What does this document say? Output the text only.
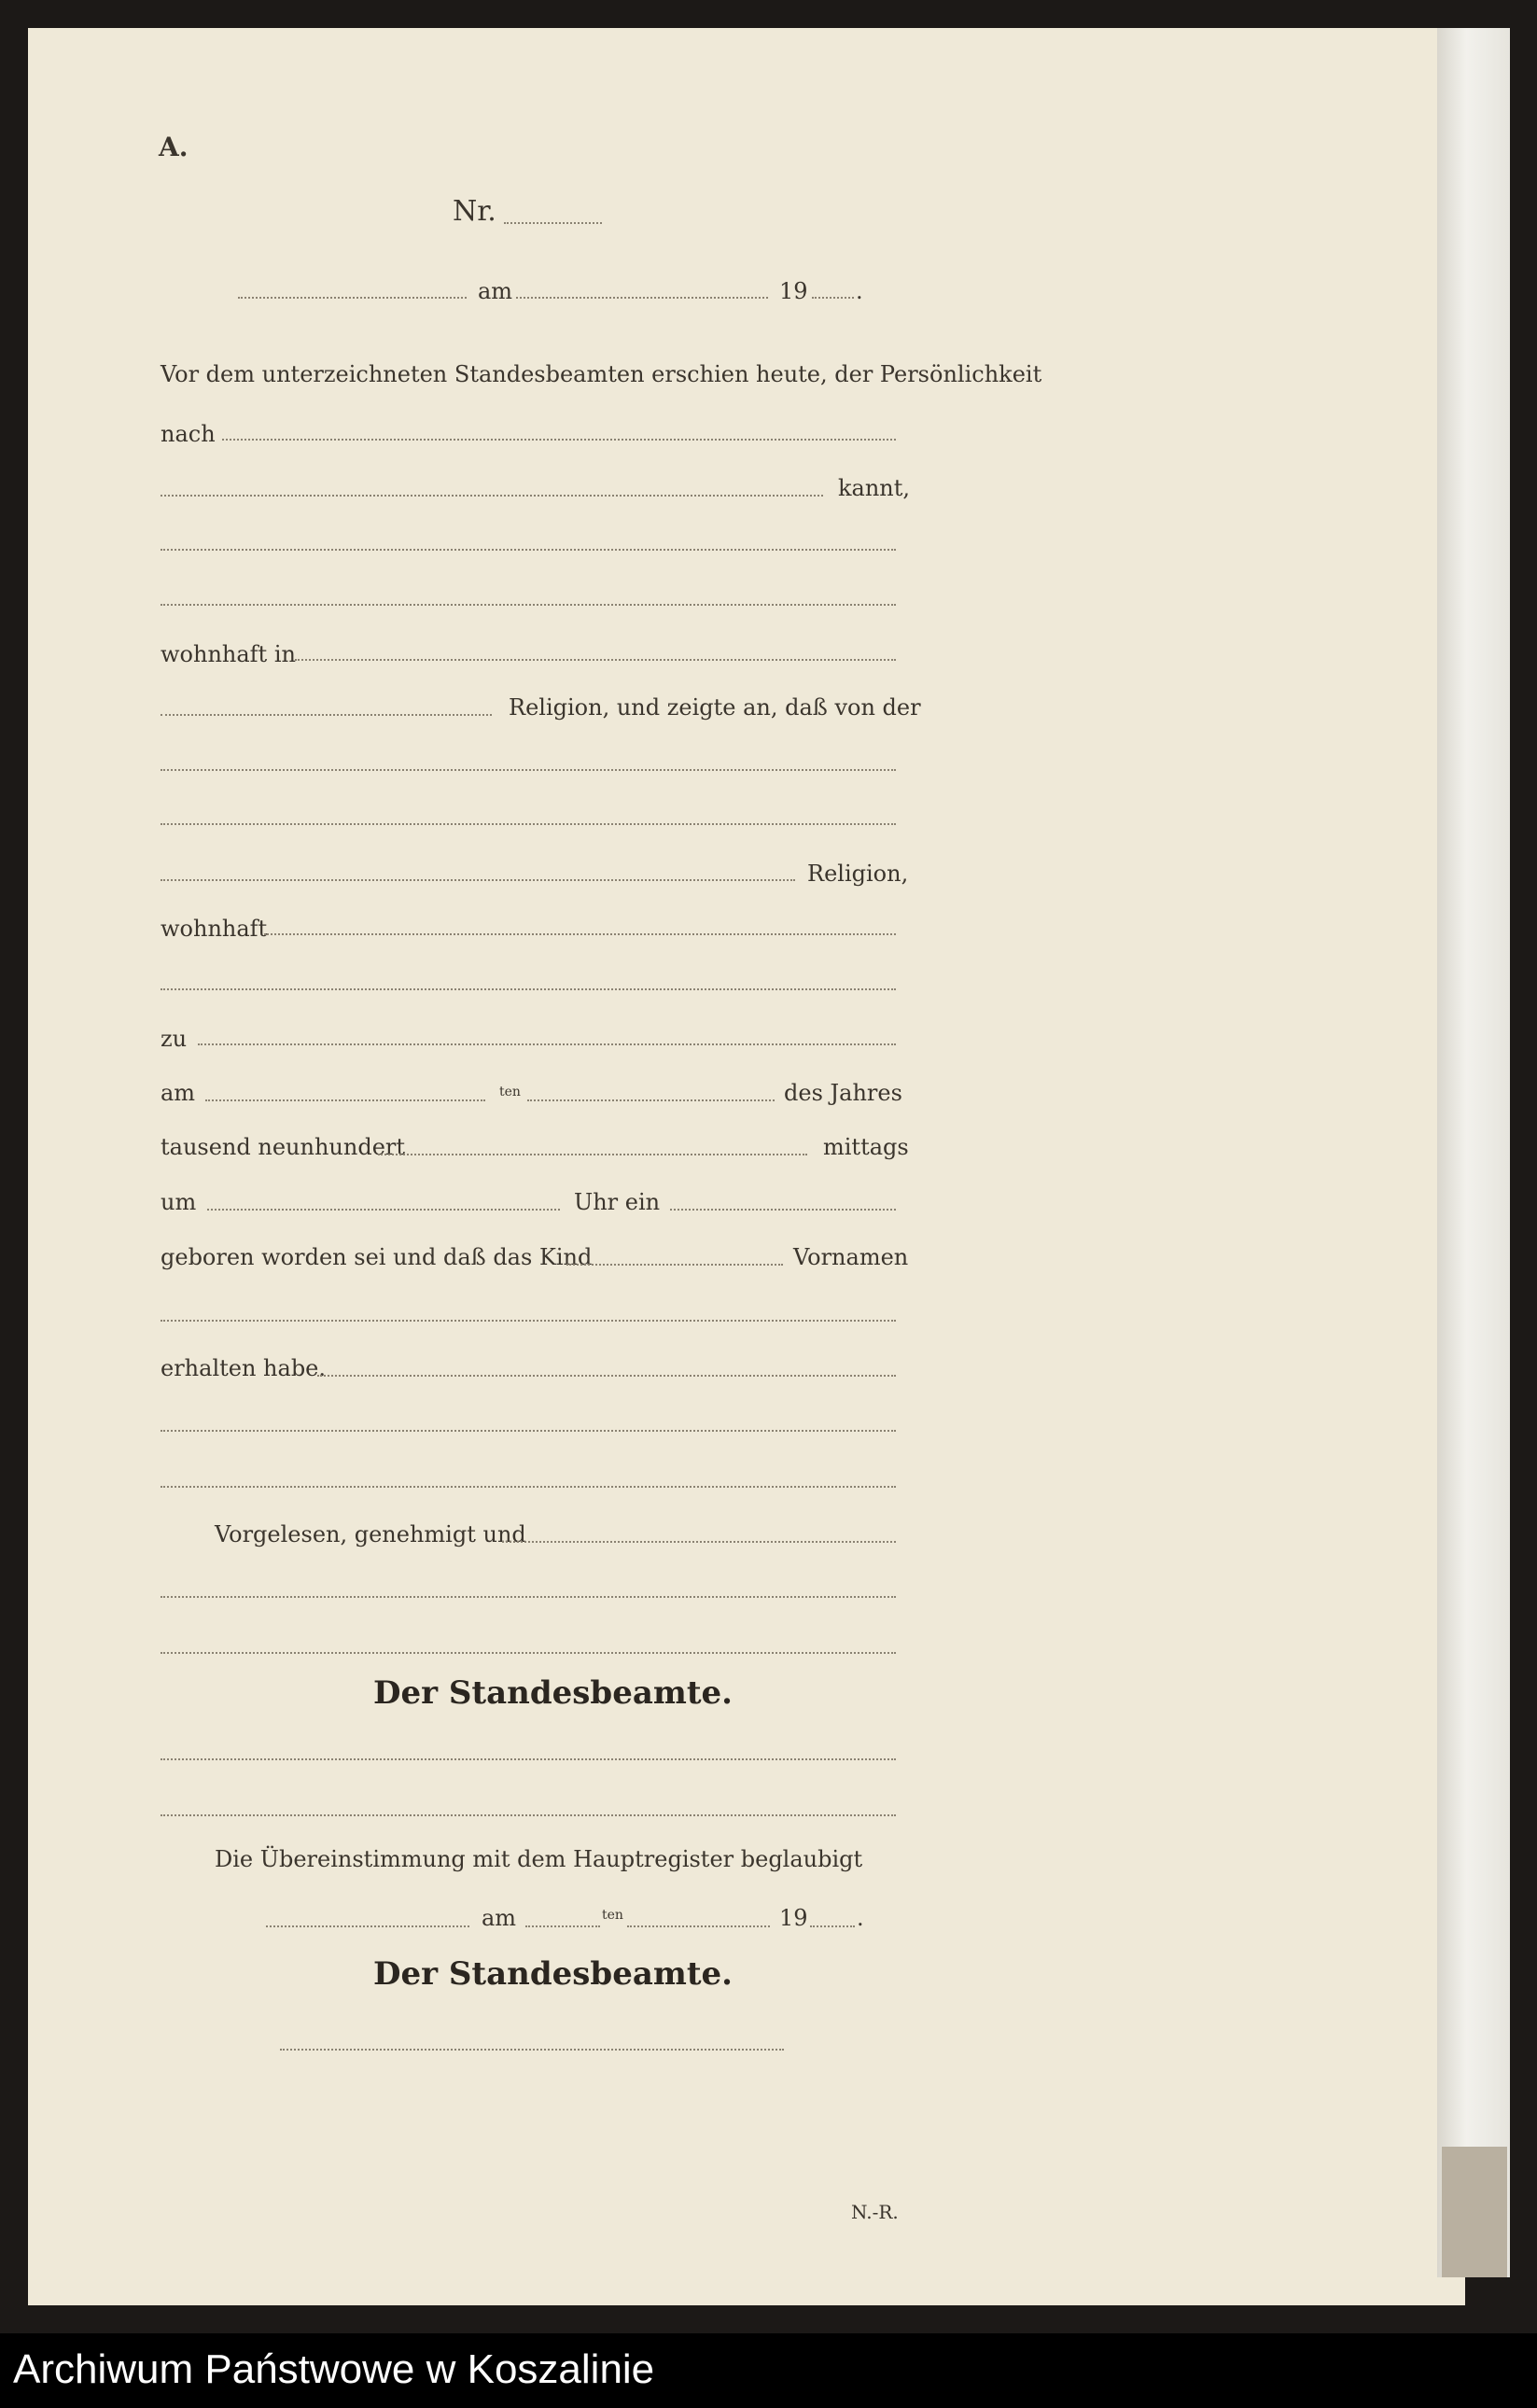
A.
Nr.
am	19 .
Vor dem unterzeichneten Standesbeamten erschien heute, der Persönlichkeit
nach
kannt,
wohnhaft in
Religion, und zeigte an, daß von der
Religion,
wohnhaft
zu
am	ten	des Jahres
tausend neunhundert	mittags
um	Uhr ein
geboren worden sei und daß das Kind	Vornamen
erhalten habe.
Vorgelesen, genehmigt und
Der Standesbeamte.
Die Übereinstimmung mit dem Hauptregister beglaubigt
am	ten	19 .
Der Standesbeamte.
N.-R.
Archiwum Państwowe w Koszalinie
